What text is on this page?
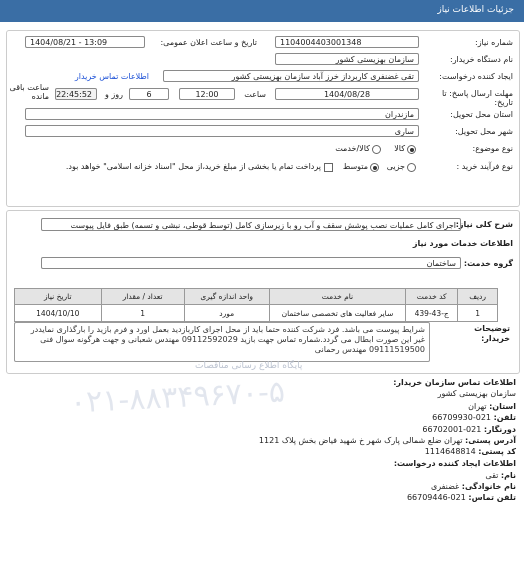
جزئیات اطلاعات نیاز
شماره نیاز:
1104004403001348
تاریخ و ساعت اعلان عمومی:
1404/08/21 - 13:09
نام دستگاه خریدار:
سازمان بهزیستی کشور
ایجاد کننده درخواست:
تقی غضنفری کاربرداز خرز آباد سازمان بهزیستی کشور
اطلاعات تماس خریدار
مهلت ارسال پاسخ: تا تاریخ:
1404/08/28
ساعت
12:00
6
روز و
22:45:52
ساعت باقی مانده
استان محل تحویل:
مازندران
شهر محل تحویل:
ساری
نوع موضوع:
کالا
کالا/خدمت
نوع فرآیند خرید :
جزیی
متوسط
پرداخت تمام یا بخشی از مبلغ خرید،از محل "اسناد خزانه اسلامی" خواهد بود.
شرح کلی نیاز:
اجرای کامل عملیات نصب پوشش سقف و آب رو با زیرسازی کامل (توسط قوطی، نبشی و تسمه) طبق فایل پیوست
اطلاعات خدمات مورد نیاز
گروه خدمت:
ساختمان
ردیف	کد خدمت	نام خدمت	واحد اندازه گیری	تعداد / مقدار	تاریخ نیاز
1	ج-43-439	سایر فعالیت های تخصصی ساختمان	مورد	1	1404/10/10
توضیحات خریدار:
شرایط پیوست می باشد. فرد شرکت کننده حتما باید از محل اجرای کاربازدید بعمل اورد و فرم بازید را بارگذاری نمایددر غیر این صورت ابطال می گردد.شماره تماس جهت بازید 09112592029 مهندس شعبانی و جهت هرگونه سوال فنی 09111519500 مهندس رحمانی
پایگاه اطلاع رسانی مناقصات
۰۲۱-۸۸۳۴۹۶۷۰-۵	اطلاعات تماس سازمان خریدار:
سازمان بهزیستی کشور
استان: تهران
تلفن: 021-66709930
دورنگار: 021-66702001
آدرس پستی: تهران ضلع شمالی پارک شهر خ شهید فیاض بخش پلاک 1121
کد پستی: 1114648814
اطلاعات ایجاد کننده درخواست:
نام: تقی
نام خانوادگی: غضنفری
تلفن تماس: 021-66709446
